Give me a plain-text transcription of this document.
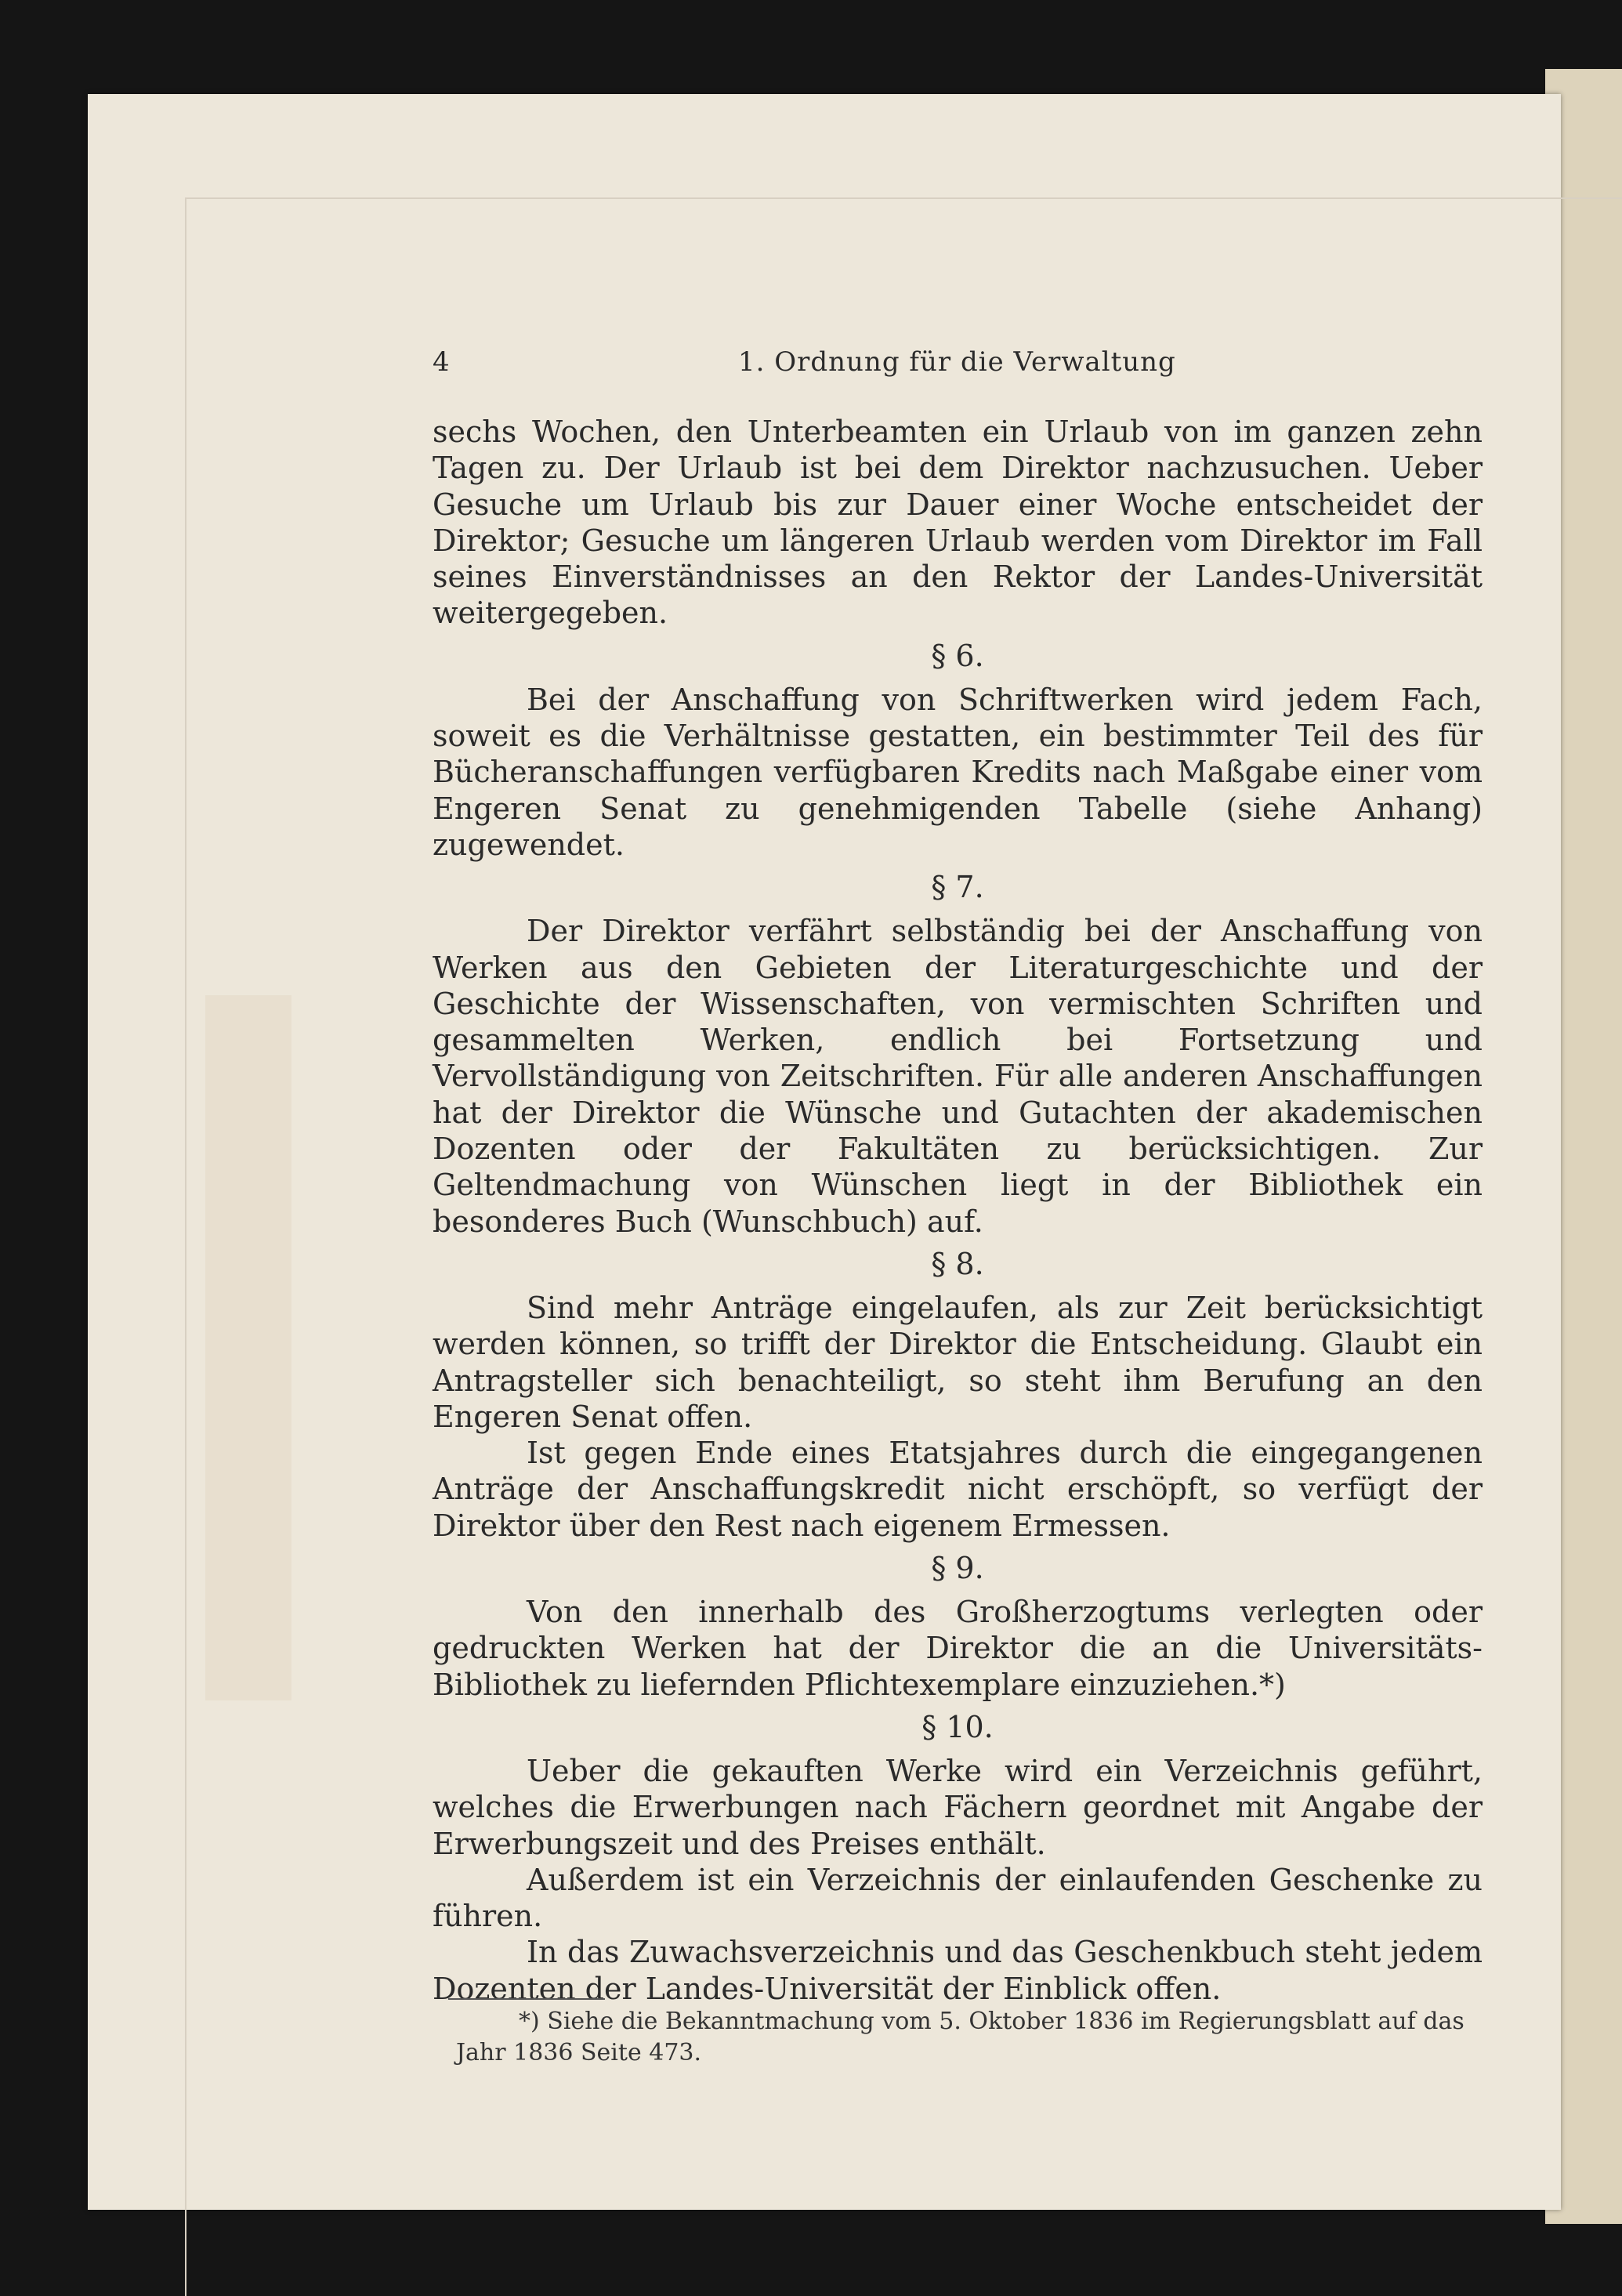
4	1. Ordnung für die Verwaltung

sechs Wochen, den Unterbeamten ein Urlaub von im ganzen zehn Tagen zu. Der Urlaub ist bei dem Direktor nachzusuchen. Ueber Gesuche um Urlaub bis zur Dauer einer Woche entscheidet der Direktor; Gesuche um längeren Urlaub werden vom Direktor im Fall seines Einverständnisses an den Rektor der Landes-Universität weitergegeben.

§ 6.

Bei der Anschaffung von Schriftwerken wird jedem Fach, soweit es die Verhältnisse gestatten, ein bestimmter Teil des für Bücheranschaffungen verfügbaren Kredits nach Maßgabe einer vom Engeren Senat zu genehmigenden Tabelle (siehe Anhang) zugewendet.

§ 7.

Der Direktor verfährt selbständig bei der Anschaffung von Werken aus den Gebieten der Literaturgeschichte und der Geschichte der Wissenschaften, von vermischten Schriften und gesammelten Werken, endlich bei Fortsetzung und Vervollständigung von Zeitschriften. Für alle anderen Anschaffungen hat der Direktor die Wünsche und Gutachten der akademischen Dozenten oder der Fakultäten zu berücksichtigen. Zur Geltendmachung von Wünschen liegt in der Bibliothek ein besonderes Buch (Wunschbuch) auf.

§ 8.

Sind mehr Anträge eingelaufen, als zur Zeit berücksichtigt werden können, so trifft der Direktor die Entscheidung. Glaubt ein Antragsteller sich benachteiligt, so steht ihm Berufung an den Engeren Senat offen.

Ist gegen Ende eines Etatsjahres durch die eingegangenen Anträge der Anschaffungskredit nicht erschöpft, so verfügt der Direktor über den Rest nach eigenem Ermessen.

§ 9.

Von den innerhalb des Großherzogtums verlegten oder gedruckten Werken hat der Direktor die an die Universitäts-Bibliothek zu liefernden Pflichtexemplare einzuziehen.*)

§ 10.

Ueber die gekauften Werke wird ein Verzeichnis geführt, welches die Erwerbungen nach Fächern geordnet mit Angabe der Erwerbungszeit und des Preises enthält.

Außerdem ist ein Verzeichnis der einlaufenden Geschenke zu führen.

In das Zuwachsverzeichnis und das Geschenkbuch steht jedem Dozenten der Landes-Universität der Einblick offen.

*) Siehe die Bekanntmachung vom 5. Oktober 1836 im Regierungsblatt auf das Jahr 1836 Seite 473.
